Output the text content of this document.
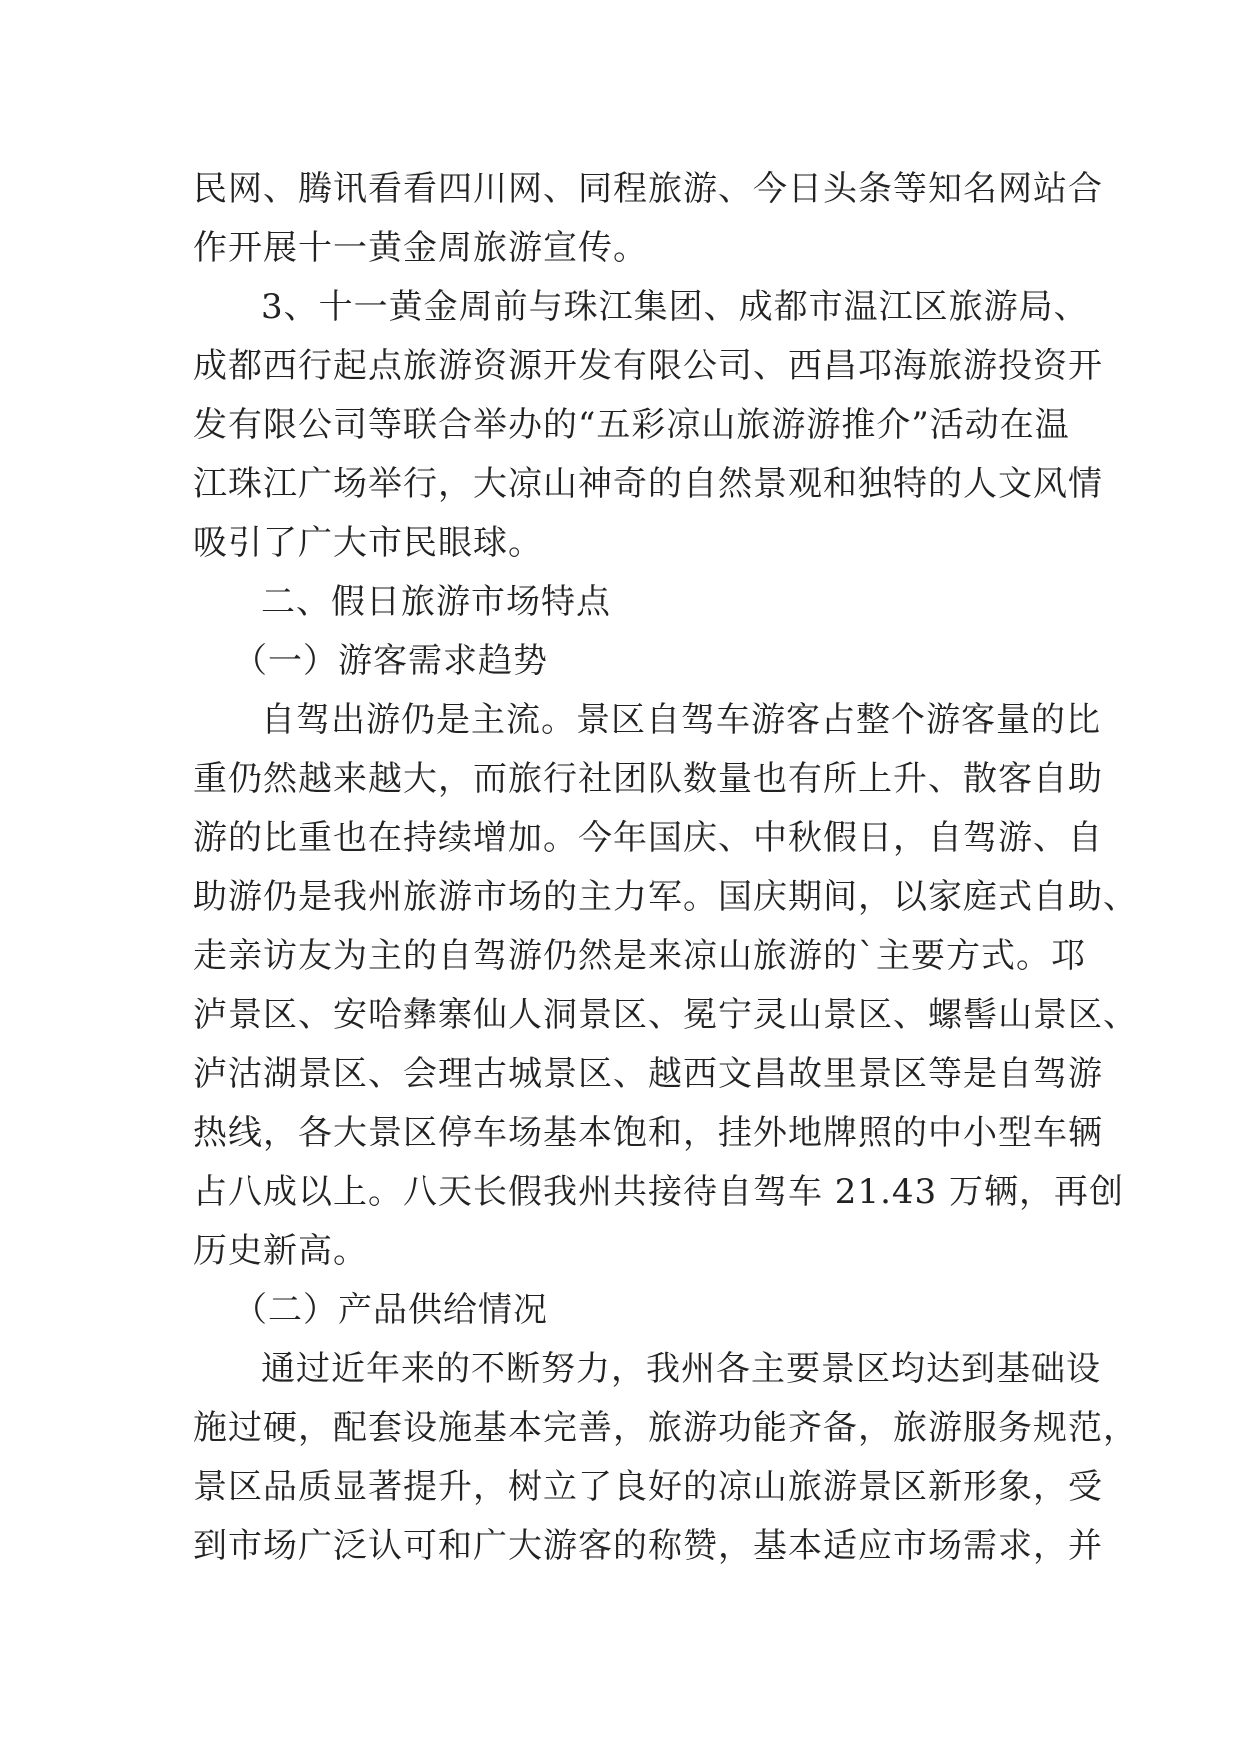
民网、腾讯看看四川网、同程旅游、今日头条等知名网站合
作开展十一黄金周旅游宣传。
3、十一黄金周前与珠江集团、成都市温江区旅游局、
成都西行起点旅游资源开发有限公司、西昌邛海旅游投资开
发有限公司等联合举办的“五彩凉山旅游游推介”活动在温
江珠江广场举行，大凉山神奇的自然景观和独特的人文风情
吸引了广大市民眼球。
二、假日旅游市场特点
（一）游客需求趋势
自驾出游仍是主流。景区自驾车游客占整个游客量的比
重仍然越来越大，而旅行社团队数量也有所上升、散客自助
游的比重也在持续增加。今年国庆、中秋假日，自驾游、自
助游仍是我州旅游市场的主力军。国庆期间，以家庭式自助、
走亲访友为主的自驾游仍然是来凉山旅游的`主要方式。邛
泸景区、安哈彝寨仙人洞景区、冕宁灵山景区、螺髻山景区、
泸沽湖景区、会理古城景区、越西文昌故里景区等是自驾游
热线，各大景区停车场基本饱和，挂外地牌照的中小型车辆
占八成以上。八天长假我州共接待自驾车 21.43 万辆，再创
历史新高。
（二）产品供给情况
通过近年来的不断努力，我州各主要景区均达到基础设
施过硬，配套设施基本完善，旅游功能齐备，旅游服务规范，
景区品质显著提升，树立了良好的凉山旅游景区新形象，受
到市场广泛认可和广大游客的称赞，基本适应市场需求，并
